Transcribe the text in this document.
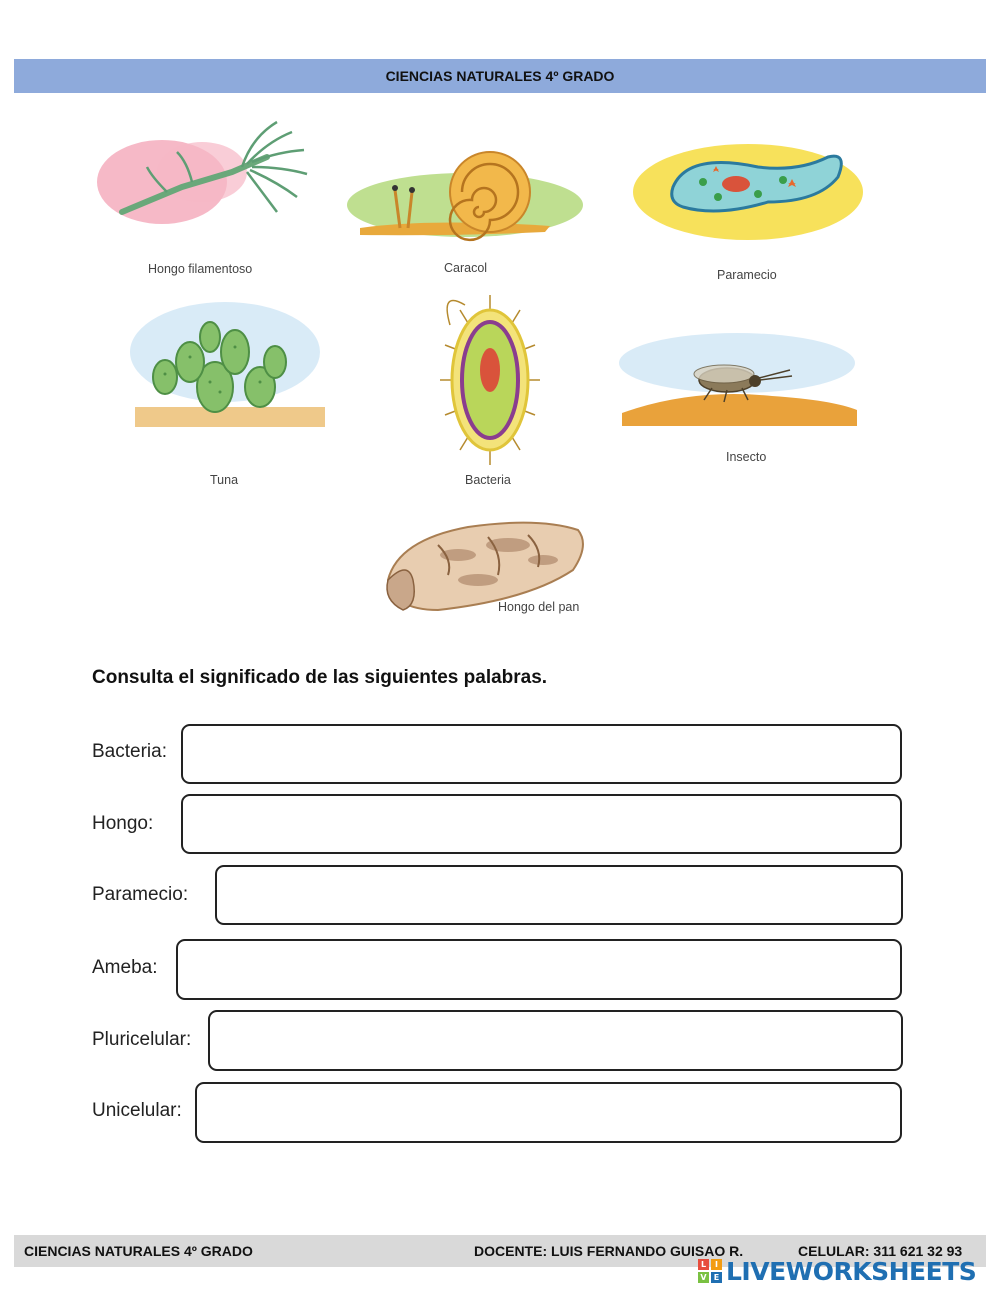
CIENCIAS NATURALES 4º GRADO
Hongo filamentoso	Caracol	Paramecio
Tuna	Bacteria
Insecto
Hongo del pan
Consulta el significado de las siguientes palabras.
Bacteria:
Hongo:
Paramecio:
Ameba:
Pluricelular:
Unicelular:
CIENCIAS NATURALES 4º GRADO	DOCENTE: LUIS FERNANDO GUISAO R.	CELULAR: 311 621 32 93
L	I
V E LIVEWORKSHEETS
